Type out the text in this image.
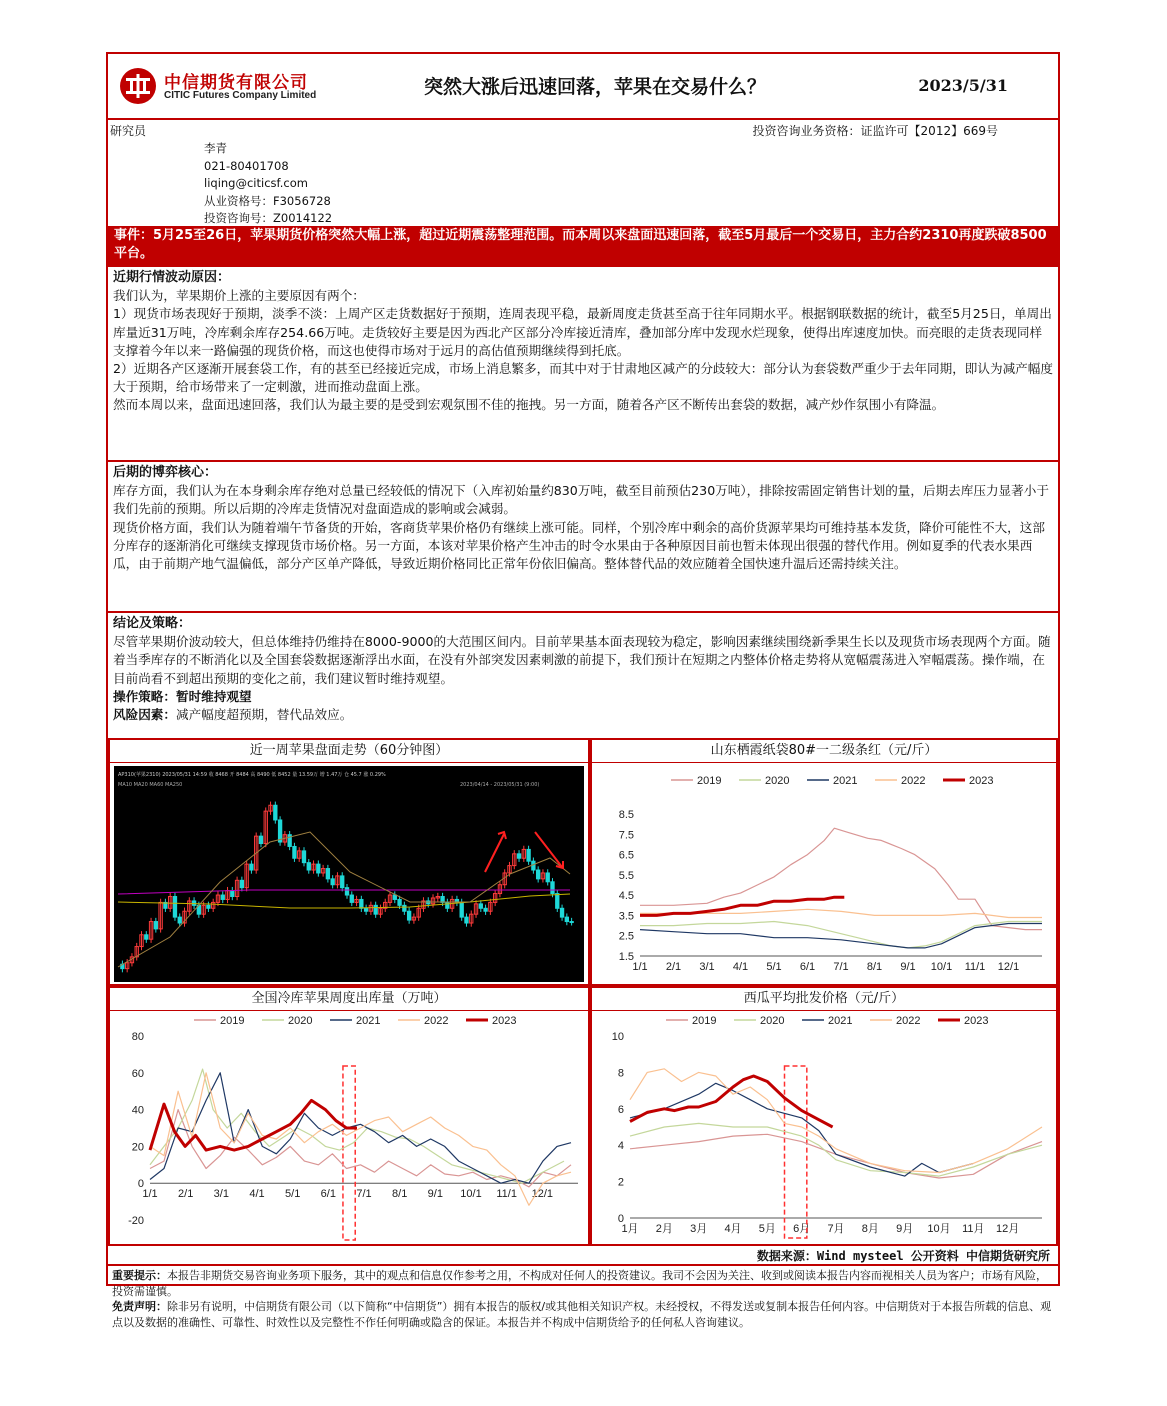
中信期货有限公司
CITIC Futures Company Limited	突然大涨后迅速回落，苹果在交易什么？	2023/5/31
研究员	投资咨询业务资格：证监许可【2012】669号
李青
021-80401708
liqing@citicsf.com
从业资格号：F3056728
投资咨询号：Z0014122
事件：5月25至26日，苹果期货价格突然大幅上涨，超过近期震荡整理范围。而本周以来盘面迅速回落，截至5月最后一个交易日，主力合约2310再度跌破8500平台。
近期行情波动原因：

我们认为，苹果期价上涨的主要原因有两个：

1）现货市场表现好于预期，淡季不淡：上周产区走货数据好于预期，连周表现平稳，最新周度走货甚至高于往年同期水平。根据钢联数据的统计，截至5月25日，单周出库量近31万吨，冷库剩余库存254.66万吨。走货较好主要是因为西北产区部分冷库接近清库，叠加部分库中发现水烂现象，使得出库速度加快。而亮眼的走货表现同样支撑着今年以来一路偏强的现货价格，而这也使得市场对于远月的高估值预期继续得到托底。

2）近期各产区逐渐开展套袋工作，有的甚至已经接近完成，市场上消息繁多，而其中对于甘肃地区减产的分歧较大：部分认为套袋数严重少于去年同期，即认为减产幅度大于预期，给市场带来了一定刺激，进而推动盘面上涨。

然而本周以来，盘面迅速回落，我们认为最主要的是受到宏观氛围不佳的拖拽。另一方面，随着各产区不断传出套袋的数据，减产炒作氛围小有降温。

后期的博弈核心：

库存方面，我们认为在本身剩余库存绝对总量已经较低的情况下（入库初始量约830万吨，截至目前预估230万吨），排除按需固定销售计划的量，后期去库压力显著小于我们先前的预期。所以后期的冷库走货情况对盘面造成的影响或会减弱。

现货价格方面，我们认为随着端午节备货的开始，客商货苹果价格仍有继续上涨可能。同样，个别冷库中剩余的高价货源苹果均可维持基本发货，降价可能性不大，这部分库存的逐渐消化可继续支撑现货市场价格。另一方面，本该对苹果价格产生冲击的时令水果由于各种原因目前也暂未体现出很强的替代作用。例如夏季的代表水果西瓜，由于前期产地气温偏低，部分产区单产降低，导致近期价格同比正常年份依旧偏高。整体替代品的效应随着全国快速升温后还需持续关注。

结论及策略：

尽管苹果期价波动较大，但总体维持仍维持在8000-9000的大范围区间内。目前苹果基本面表现较为稳定，影响因素继续围绕新季果生长以及现货市场表现两个方面。随着当季库存的不断消化以及全国套袋数据逐渐浮出水面，在没有外部突发因素刺激的前提下，我们预计在短期之内整体价格走势将从宽幅震荡进入窄幅震荡。操作端，在目前尚看不到超出预期的变化之前，我们建议暂时维持观望。

操作策略：暂时维持观望

风险因素：减产幅度超预期，替代品效应。

近一周苹果盘面走势（60分钟图）
AP310(苹果2310) 2023/05/31 14:59 收 8468 开 8484 高 8490 低 8452 量 13.59万 增 1.47万 仓 45.7 涨 0.29%
MA10 MA20 MA60 MA250	2023/04/14 - 2023/05/31 (9:00)
山东栖霞纸袋80#一二级条红（元/斤）
1.5
2.5
3.5
4.5
5.5
6.5
7.5
8.5
1/1 2/1 3/1 4/1 5/1 6/1 7/1 8/1 9/1 10/1 11/1 12/1
2019	2020	2021	2022	2023
全国冷库苹果周度出库量（万吨）
-20
0
20
40
60
80
1/1 2/1 3/1 4/1 5/1 6/1 7/1 8/1 9/1 10/1 11/1 12/1
2019	2020	2021	2022	2023
西瓜平均批发价格（元/斤）
0
2
4
6
8
10
1月 2月 3月 4月 5月 6月 7月 8月 9月 10月 11月 12月
2019	2020	2021	2022	2023
数据来源：Wind mysteel 公开资料 中信期货研究所

重要提示：本报告非期货交易咨询业务项下服务，其中的观点和信息仅作参考之用，不构成对任何人的投资建议。我司不会因为关注、收到或阅读本报告内容而视相关人员为客户；市场有风险，投资需谨慎。

免责声明：除非另有说明，中信期货有限公司（以下简称“中信期货”）拥有本报告的版权/或其他相关知识产权。未经授权，不得发送或复制本报告任何内容。中信期货对于本报告所载的信息、观点以及数据的准确性、可靠性、时效性以及完整性不作任何明确或隐含的保证。本报告并不构成中信期货给予的任何私人咨询建议。
